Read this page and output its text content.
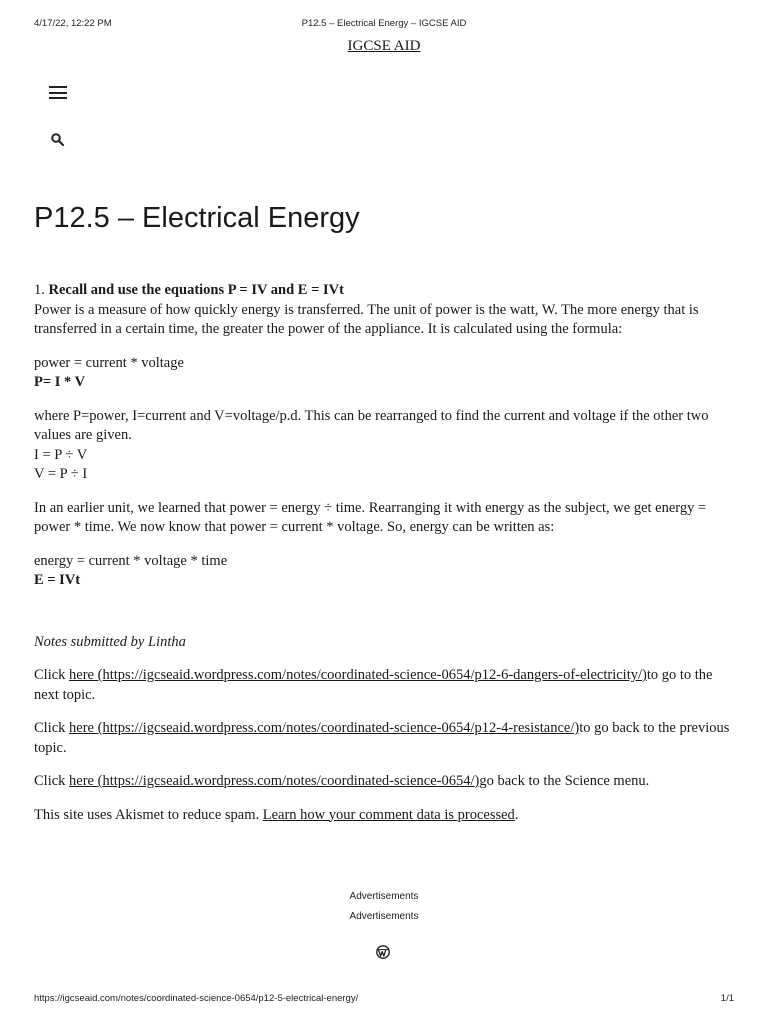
4/17/22, 12:22 PM	P12.5 – Electrical Energy – IGCSE AID
IGCSE AID
P12.5 – Electrical Energy

1. Recall and use the equations P = IV and E = IVt

Power is a measure of how quickly energy is transferred. The unit of power is the watt, W. The more energy that is transferred in a certain time, the greater the power of the appliance. It is calculated using the formula:

power = current * voltage

P= I * V

where P=power, I=current and V=voltage/p.d. This can be rearranged to find the current and voltage if the other two values are given.

I = P ÷ V

V = P ÷ I

In an earlier unit, we learned that power = energy ÷ time. Rearranging it with energy as the subject, we get energy = power * time. We now know that power = current * voltage. So, energy can be written as:

energy = current * voltage * time

E = IVt

Notes submitted by Lintha

Click here (https://igcseaid.wordpress.com/notes/coordinated-science-0654/p12-6-dangers-of-electricity/)to go to the next topic.

Click here (https://igcseaid.wordpress.com/notes/coordinated-science-0654/p12-4-resistance/)to go back to the previous topic.

Click here (https://igcseaid.wordpress.com/notes/coordinated-science-0654/)go back to the Science menu.

This site uses Akismet to reduce spam. Learn how your comment data is processed.

Advertisements
Advertisements
https://igcseaid.com/notes/coordinated-science-0654/p12-5-electrical-energy/	1/1
